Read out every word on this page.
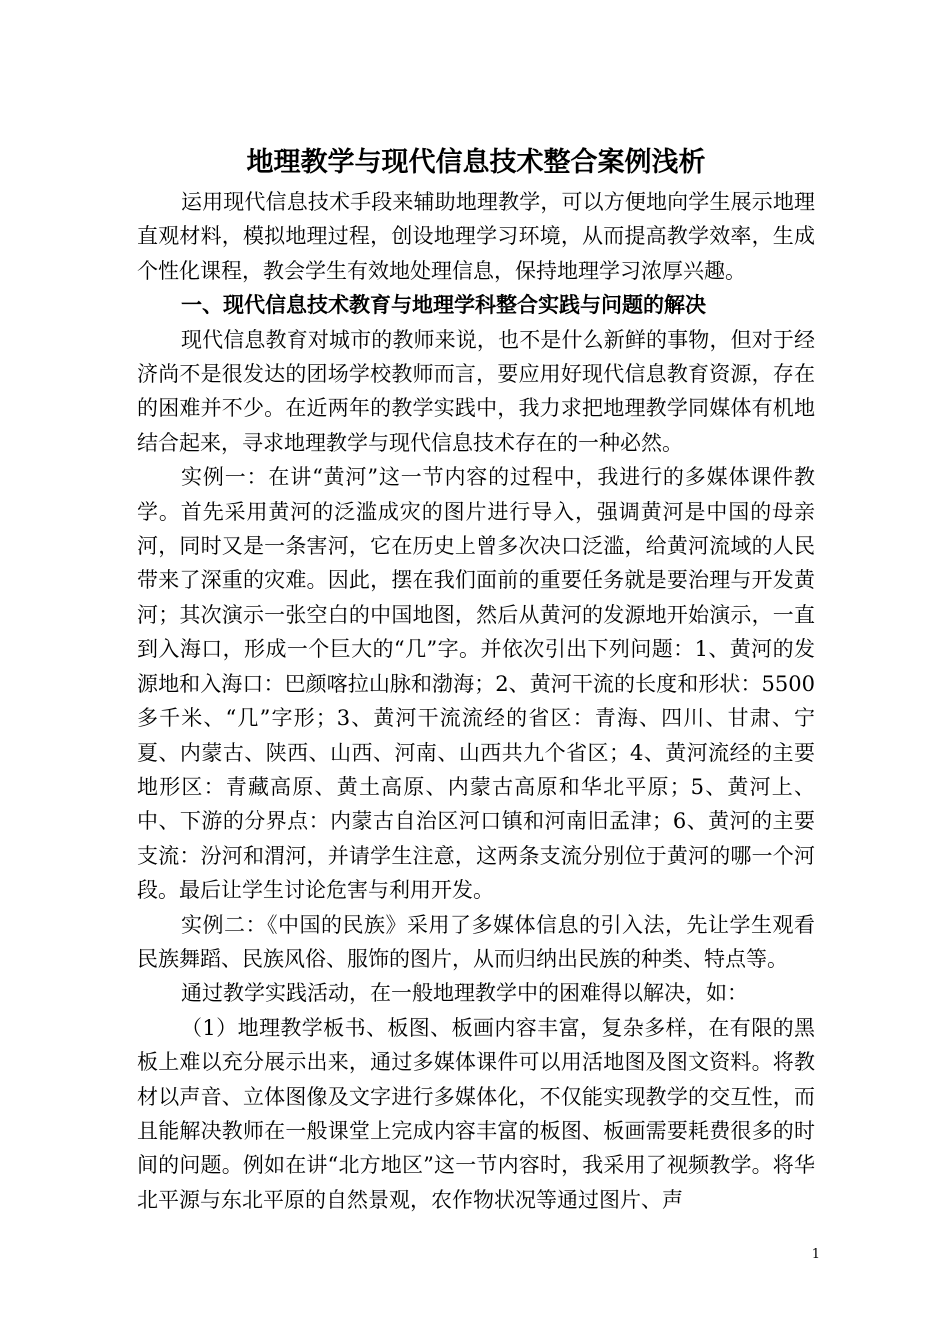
地理教学与现代信息技术整合案例浅析

运用现代信息技术手段来辅助地理教学，可以方便地向学生展示地理直观材料，模拟地理过程，创设地理学习环境，从而提高教学效率，生成个性化课程，教会学生有效地处理信息，保持地理学习浓厚兴趣。

一、现代信息技术教育与地理学科整合实践与问题的解决

现代信息教育对城市的教师来说，也不是什么新鲜的事物，但对于经济尚不是很发达的团场学校教师而言，要应用好现代信息教育资源，存在的困难并不少。在近两年的教学实践中，我力求把地理教学同媒体有机地结合起来，寻求地理教学与现代信息技术存在的一种必然。

实例一：在讲“黄河”这一节内容的过程中，我进行的多媒体课件教学。首先采用黄河的泛滥成灾的图片进行导入，强调黄河是中国的母亲河，同时又是一条害河，它在历史上曾多次决口泛滥，给黄河流域的人民带来了深重的灾难。因此，摆在我们面前的重要任务就是要治理与开发黄河；其次演示一张空白的中国地图，然后从黄河的发源地开始演示，一直到入海口，形成一个巨大的“几”字。并依次引出下列问题：1、黄河的发源地和入海口：巴颜喀拉山脉和渤海；2、黄河干流的长度和形状：5500多千米、“几”字形；3、黄河干流流经的省区：青海、四川、甘肃、宁夏、内蒙古、陕西、山西、河南、山西共九个省区；4、黄河流经的主要地形区：青藏高原、黄土高原、内蒙古高原和华北平原；5、黄河上、中、下游的分界点：内蒙古自治区河口镇和河南旧孟津；6、黄河的主要支流：汾河和渭河，并请学生注意，这两条支流分别位于黄河的哪一个河段。最后让学生讨论危害与利用开发。

实例二：《中国的民族》采用了多媒体信息的引入法，先让学生观看民族舞蹈、民族风俗、服饰的图片，从而归纳出民族的种类、特点等。

通过教学实践活动，在一般地理教学中的困难得以解决，如：

（1）地理教学板书、板图、板画内容丰富，复杂多样，在有限的黑板上难以充分展示出来，通过多媒体课件可以用活地图及图文资料。将教材以声音、立体图像及文字进行多媒体化，不仅能实现教学的交互性，而且能解决教师在一般课堂上完成内容丰富的板图、板画需要耗费很多的时间的问题。例如在讲“北方地区”这一节内容时，我采用了视频教学。将华北平源与东北平原的自然景观，农作物状况等通过图片、声

1
